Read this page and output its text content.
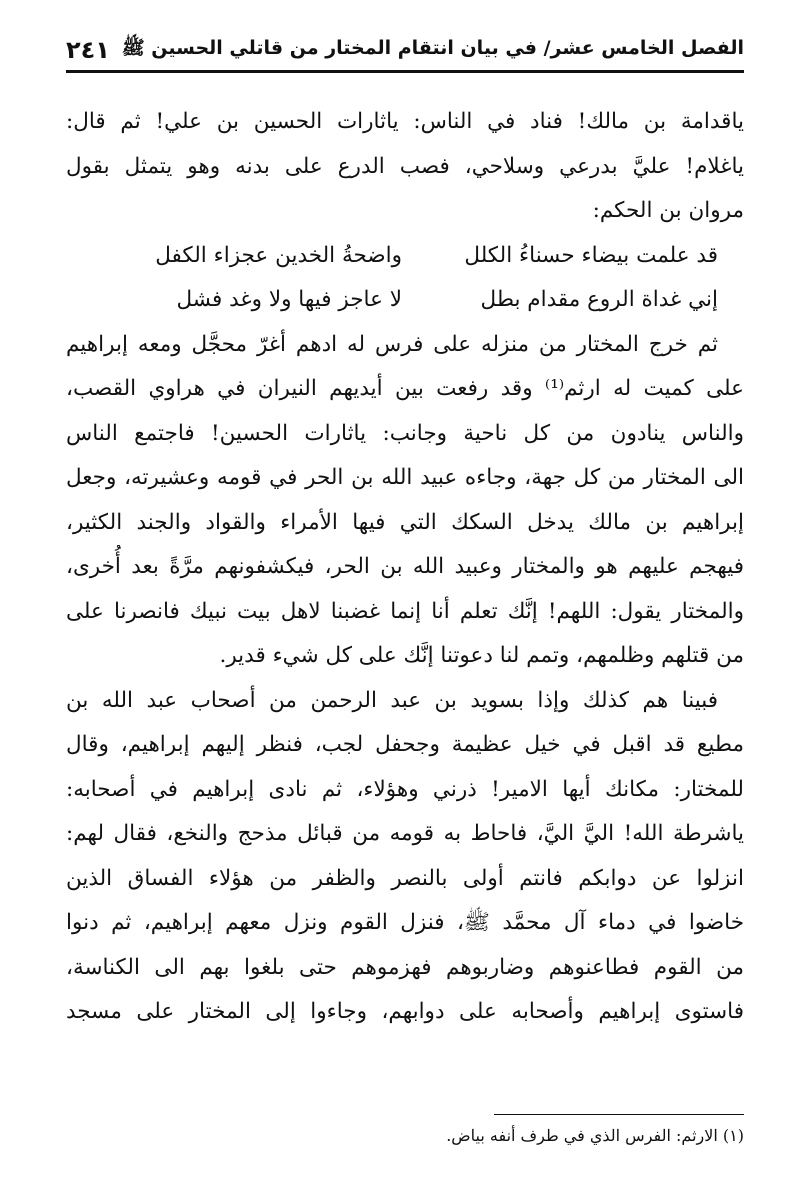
الفصل الخامس عشر/ في بيان انتقام المختار من قاتلي الحسين ﷺ
٢٤١
ياقدامة بن مالك! فناد في الناس: ياثارات الحسين بن علي! ثم قال:
ياغلام! عليَّ بدرعي وسلاحي، فصب الدرع على بدنه وهو يتمثل بقول
مروان بن الحكم:
قد علمت بيضاء حسناءُ الكلل
واضحةُ الخدين عجزاء الكفل
إني غداة الروع مقدام بطل
لا عاجز فيها ولا وغد فشل
ثم خرج المختار من منزله على فرس له ادهم أغرّ محجَّل ومعه إبراهيم
على كميت له ارثم⁽¹⁾ وقد رفعت بين أيديهم النيران في هراوي القصب،
والناس ينادون من كل ناحية وجانب: ياثارات الحسين! فاجتمع الناس
الى المختار من كل جهة، وجاءه عبيد الله بن الحر في قومه وعشيرته، وجعل
إبراهيم بن مالك يدخل السكك التي فيها الأمراء والقواد والجند الكثير،
فيهجم عليهم هو والمختار وعبيد الله بن الحر، فيكشفونهم مرَّةً بعد أُخرى،
والمختار يقول: اللهم! إنَّك تعلم أنا إنما غضبنا لاهل بيت نبيك فانصرنا على
من قتلهم وظلمهم، وتمم لنا دعوتنا إنَّك على كل شيء قدير.
فبينا هم كذلك وإذا بسويد بن عبد الرحمن من أصحاب عبد الله بن
مطيع قد اقبل في خيل عظيمة وجحفل لجب، فنظر إليهم إبراهيم، وقال
للمختار: مكانك أيها الامير! ذرني وهؤلاء، ثم نادى إبراهيم في أصحابه:
ياشرطة الله! اليَّ اليَّ، فاحاط به قومه من قبائل مذحج والنخع، فقال لهم:
انزلوا عن دوابكم فانتم أولى بالنصر والظفر من هؤلاء الفساق الذين
خاضوا في دماء آل محمَّد ﷺ، فنزل القوم ونزل معهم إبراهيم، ثم دنوا
من القوم فطاعنوهم وضاربوهم فهزموهم حتى بلغوا بهم الى الكناسة،
فاستوى إبراهيم وأصحابه على دوابهم، وجاءوا إلى المختار على مسجد
(١) الارثم: الفرس الذي في طرف أنفه بياض.
